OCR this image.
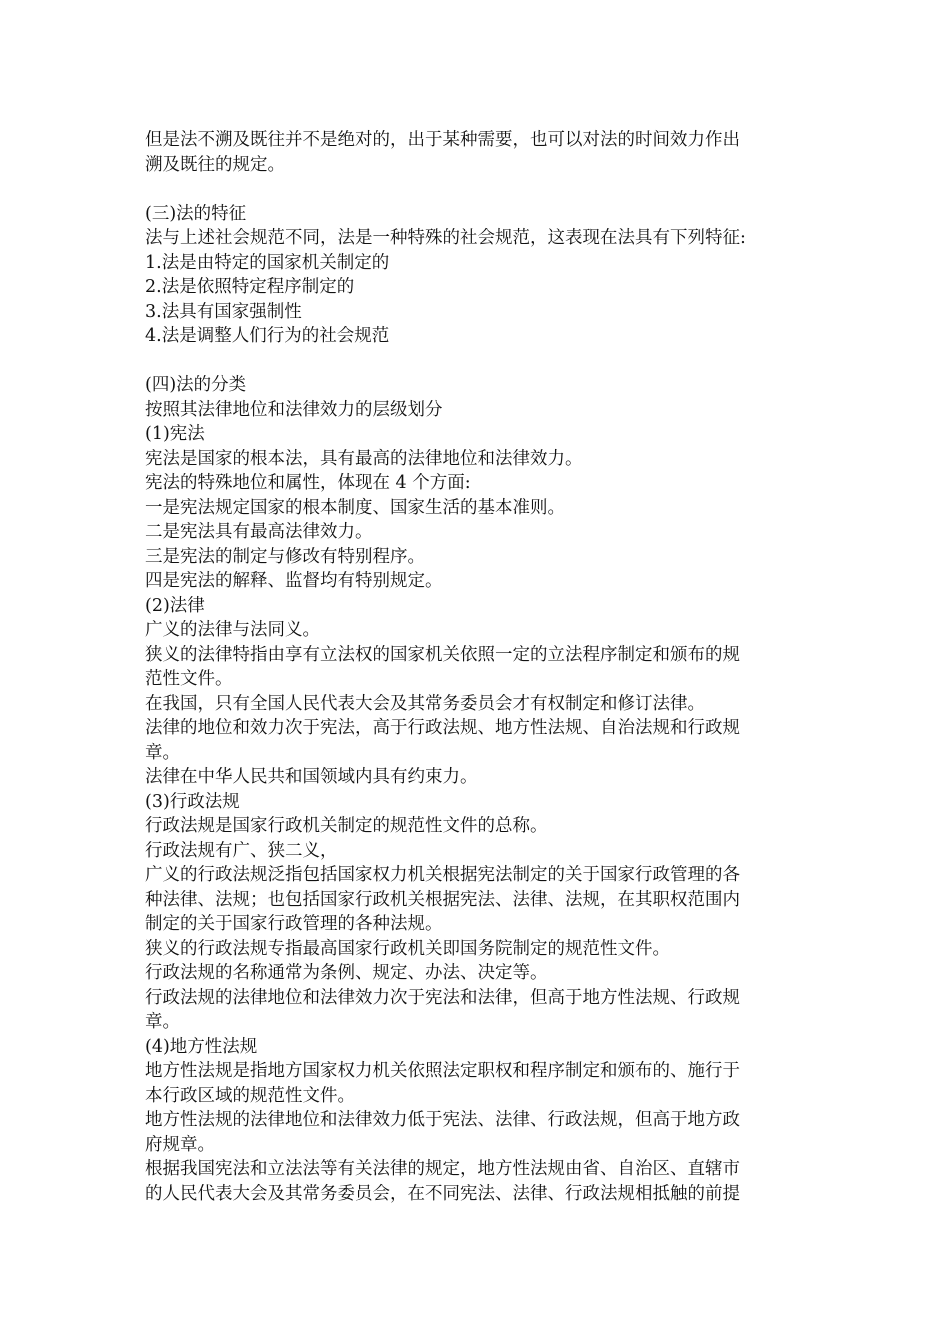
但是法不溯及既往并不是绝对的，出于某种需要，也可以对法的时间效力作出
溯及既往的规定。
(三)法的特征
法与上述社会规范不同，法是一种特殊的社会规范，这表现在法具有下列特征:
1.法是由特定的国家机关制定的
2.法是依照特定程序制定的
3.法具有国家强制性
4.法是调整人们行为的社会规范
(四)法的分类
按照其法律地位和法律效力的层级划分
(1)宪法
宪法是国家的根本法，具有最高的法律地位和法律效力。
宪法的特殊地位和属性，体现在 4 个方面:
一是宪法规定国家的根本制度、国家生活的基本准则。
二是宪法具有最高法律效力。
三是宪法的制定与修改有特别程序。
四是宪法的解释、监督均有特别规定。
(2)法律
广义的法律与法同义。
狭义的法律特指由享有立法权的国家机关依照一定的立法程序制定和颁布的规
范性文件。
在我国，只有全国人民代表大会及其常务委员会才有权制定和修订法律。
法律的地位和效力次于宪法，高于行政法规、地方性法规、自治法规和行政规
章。
法律在中华人民共和国领域内具有约束力。
(3)行政法规
行政法规是国家行政机关制定的规范性文件的总称。
行政法规有广、狭二义，
广义的行政法规泛指包括国家权力机关根据宪法制定的关于国家行政管理的各
种法律、法规；也包括国家行政机关根据宪法、法律、法规，在其职权范围内
制定的关于国家行政管理的各种法规。
狭义的行政法规专指最高国家行政机关即国务院制定的规范性文件。
行政法规的名称通常为条例、规定、办法、决定等。
行政法规的法律地位和法律效力次于宪法和法律，但高于地方性法规、行政规
章。
(4)地方性法规
地方性法规是指地方国家权力机关依照法定职权和程序制定和颁布的、施行于
本行政区域的规范性文件。
地方性法规的法律地位和法律效力低于宪法、法律、行政法规，但高于地方政
府规章。
根据我国宪法和立法法等有关法律的规定，地方性法规由省、自治区、直辖市
的人民代表大会及其常务委员会，在不同宪法、法律、行政法规相抵触的前提
